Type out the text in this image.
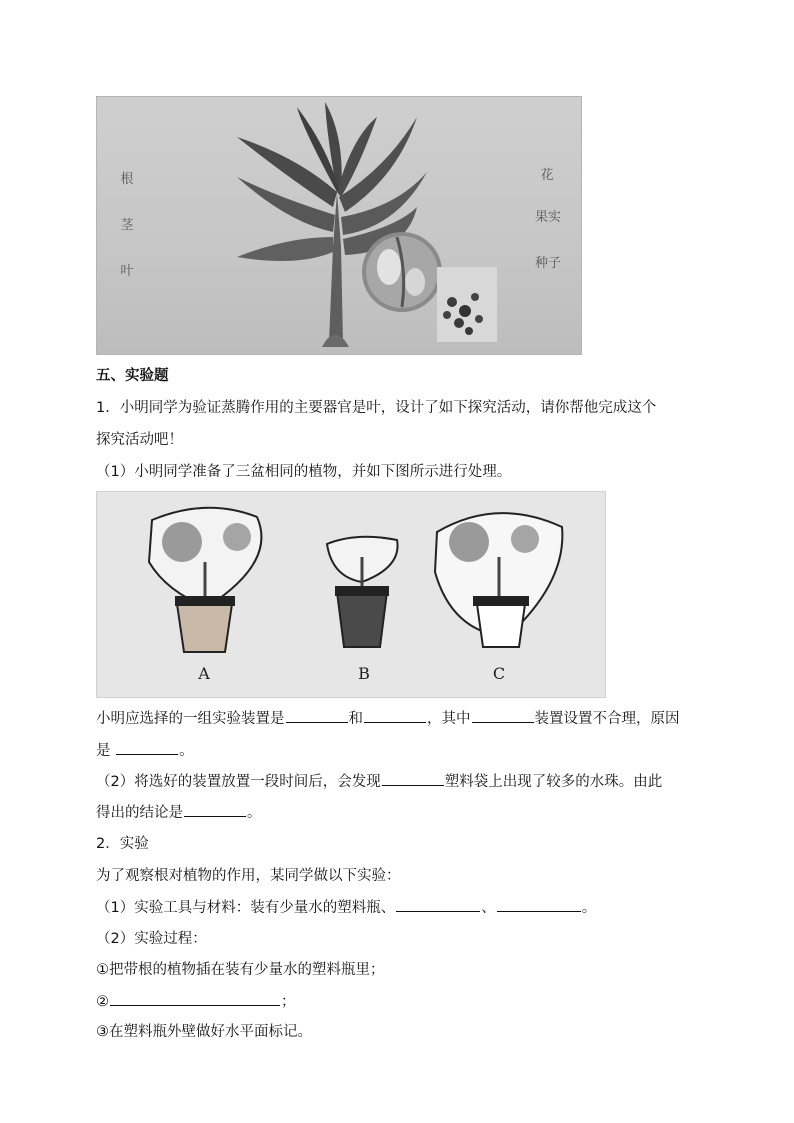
根
茎
叶
花
果实
种子
五、实验题
1．小明同学为验证蒸腾作用的主要器官是叶，设计了如下探究活动，请你帮他完成这个
探究活动吧！
（1）小明同学准备了三盆相同的植物，并如下图所示进行处理。
A	B	C
小明应选择的一组实验装置是	和	，其中	装置设置不合理，原因
是	。
（2）将选好的装置放置一段时间后，会发现	塑料袋上出现了较多的水珠。由此
得出的结论是	。
2．实验
为了观察根对植物的作用，某同学做以下实验：
（1）实验工具与材料：装有少量水的塑料瓶、	、	。
（2）实验过程：
①把带根的植物插在装有少量水的塑料瓶里；
②	；
③在塑料瓶外壁做好水平面标记。
